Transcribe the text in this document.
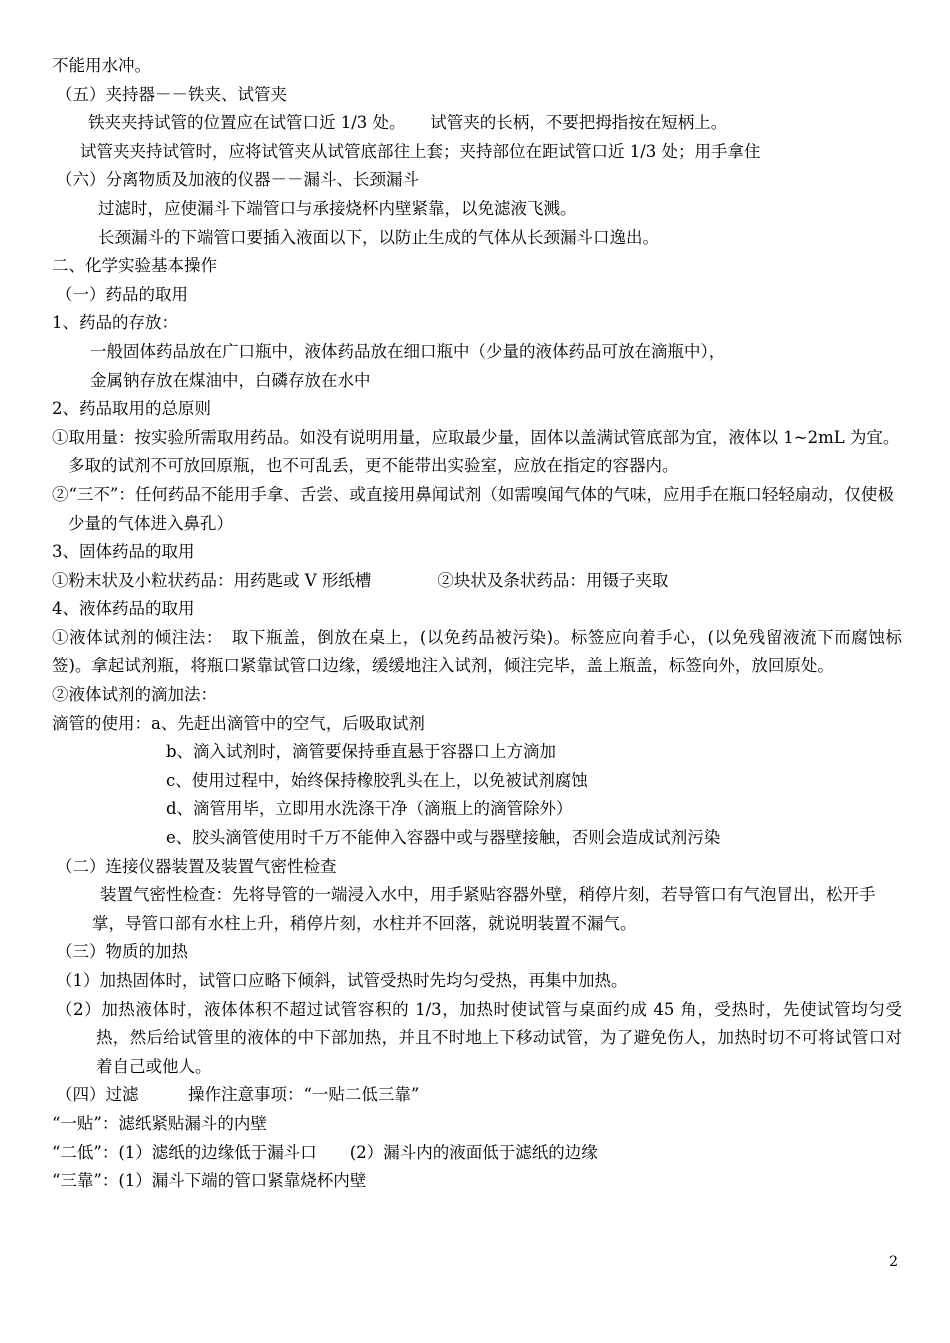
不能用水冲。
（五）夹持器－－铁夹、试管夹
铁夹夹持试管的位置应在试管口近 1/3 处。　　试管夹的长柄，不要把拇指按在短柄上。
试管夹夹持试管时，应将试管夹从试管底部往上套；夹持部位在距试管口近 1/3 处；用手拿住
（六）分离物质及加液的仪器－－漏斗、长颈漏斗
过滤时，应使漏斗下端管口与承接烧杯内壁紧靠，以免滤液飞溅。
长颈漏斗的下端管口要插入液面以下，以防止生成的气体从长颈漏斗口逸出。
二、化学实验基本操作
（一）药品的取用
1、药品的存放：
一般固体药品放在广口瓶中，液体药品放在细口瓶中（少量的液体药品可放在滴瓶中），
金属钠存放在煤油中，白磷存放在水中
2、药品取用的总原则
①取用量：按实验所需取用药品。如没有说明用量，应取最少量，固体以盖满试管底部为宜，液体以 1~2mL 为宜。
多取的试剂不可放回原瓶，也不可乱丢，更不能带出实验室，应放在指定的容器内。
②“三不”：任何药品不能用手拿、舌尝、或直接用鼻闻试剂（如需嗅闻气体的气味，应用手在瓶口轻轻扇动，仅使极少量的气体进入鼻孔）
3、固体药品的取用
①粉末状及小粒状药品：用药匙或 V 形纸槽　　　　②块状及条状药品：用镊子夹取
4、液体药品的取用
①液体试剂的倾注法：　取下瓶盖，倒放在桌上，(以免药品被污染)。标签应向着手心，(以免残留液流下而腐蚀标签)。拿起试剂瓶，将瓶口紧靠试管口边缘，缓缓地注入试剂，倾注完毕，盖上瓶盖，标签向外，放回原处。
②液体试剂的滴加法：
滴管的使用：a、先赶出滴管中的空气，后吸取试剂
b、滴入试剂时，滴管要保持垂直悬于容器口上方滴加
c、使用过程中，始终保持橡胶乳头在上，以免被试剂腐蚀
d、滴管用毕，立即用水洗涤干净（滴瓶上的滴管除外）
e、胶头滴管使用时千万不能伸入容器中或与器壁接触，否则会造成试剂污染
（二）连接仪器装置及装置气密性检查
装置气密性检查：先将导管的一端浸入水中，用手紧贴容器外壁，稍停片刻，若导管口有气泡冒出，松开手掌，导管口部有水柱上升，稍停片刻，水柱并不回落，就说明装置不漏气。
（三）物质的加热
（1）加热固体时，试管口应略下倾斜，试管受热时先均匀受热，再集中加热。
（2）加热液体时，液体体积不超过试管容积的 1/3，加热时使试管与桌面约成 45 角，受热时，先使试管均匀受热，然后给试管里的液体的中下部加热，并且不时地上下移动试管，为了避免伤人，加热时切不可将试管口对着自己或他人。
（四）过滤　　　操作注意事项：“一贴二低三靠”
“一贴”：滤纸紧贴漏斗的内壁
“二低”：(1）滤纸的边缘低于漏斗口　　(2）漏斗内的液面低于滤纸的边缘
“三靠”：(1）漏斗下端的管口紧靠烧杯内壁
2
